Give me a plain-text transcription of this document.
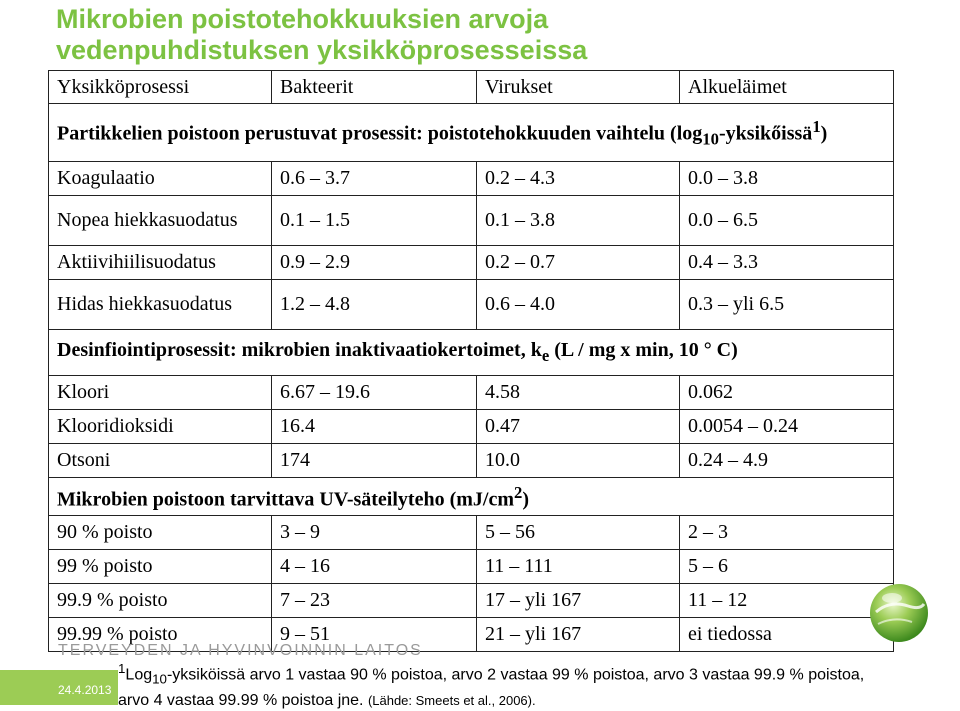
Mikrobien poistotehokkuuksien arvoja
vedenpuhdistuksen yksikköprosesseissa
Yksikköprosessi	Bakteerit	Virukset	Alkueläimet
Partikkelien poistoon perustuvat prosessit: poistotehokkuuden vaihtelu $(\log_{10}-yksikőissä^1)$			
Koagulaatio	0.6 – 3.7	0.2 – 4.3	0.0 – 3.8
Nopea hiekkasuodatus	0.1 – 1.5	0.1 – 3.8	0.0 – 6.5
Aktiivihiilisuodatus	0.9 – 2.9	0.2 – 0.7	0.4 – 3.3
Hidas hiekkasuodatus	1.2 – 4.8	0.6 – 4.0	0.3 – yli 6.5
Desinfiointiprosessit: mikrobien inaktivaatiokertoimet, $k_e$ (L / mg x min, 10 ° C)			
Kloori	6.67 – 19.6	4.58	0.062
Klooridioksidi	16.4	0.47	0.0054 – 0.24
Otsoni	174	10.0	0.24 – 4.9
Mikrobien poistoon tarvittava UV-säteilyteho $(mJ/cm^2)$			
90 % poisto	3 – 9	5 – 56	2 – 3
99 % poisto	4 – 16	11 – 111	5 – 6
99.9 % poisto	7 – 23	17 – yli 167	11 – 12
99.99 % poisto	9 – 51	21 – yli 167	ei tiedossa
TERVEYDEN JA HYVINVOINNIN LAITOS
24.4.2013
$^1$Log$_{10}$-yksiköissä arvo 1 vastaa 90 % poistoa, arvo 2 vastaa 99 % poistoa, arvo 3 vastaa 99.9 % poistoa, arvo 4 vastaa 99.99 % poistoa jne. (Lähde: Smeets et al., 2006).
